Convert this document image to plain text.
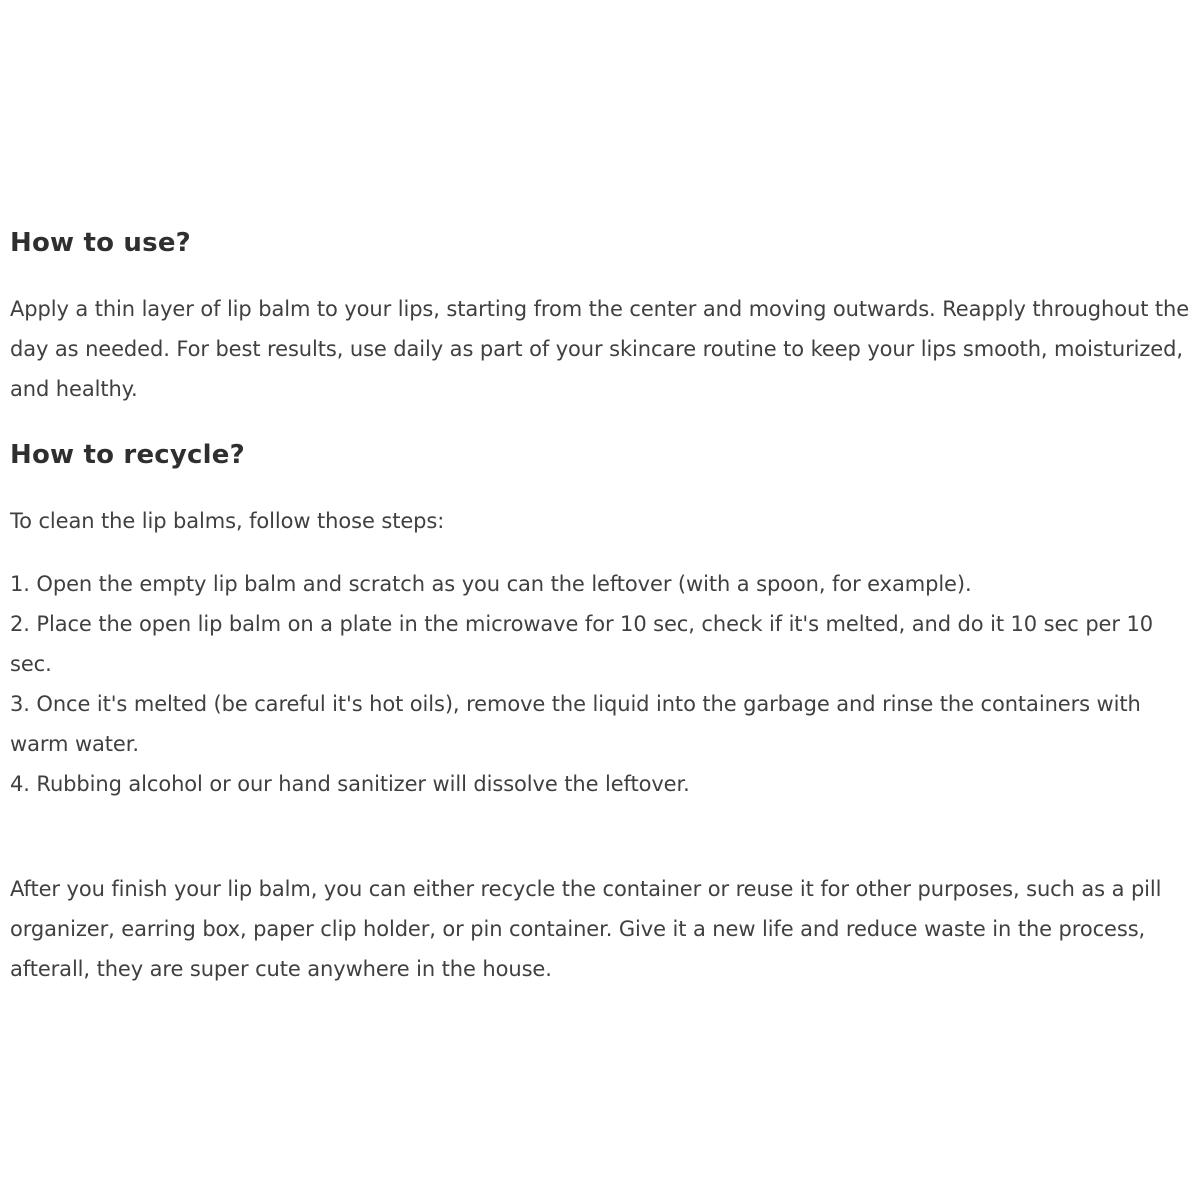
How to use?

Apply a thin layer of lip balm to your lips, starting from the center and moving outwards. Reapply throughout the day as needed. For best results, use daily as part of your skincare routine to keep your lips smooth, moisturized, and healthy.

How to recycle?

To clean the lip balms, follow those steps:

1. Open the empty lip balm and scratch as you can the leftover (with a spoon, for example).
2. Place the open lip balm on a plate in the microwave for 10 sec, check if it's melted, and do it 10 sec per 10 sec.
3. Once it's melted (be careful it's hot oils), remove the liquid into the garbage and rinse the containers with warm water.
4. Rubbing alcohol or our hand sanitizer will dissolve the leftover.

After you finish your lip balm, you can either recycle the container or reuse it for other purposes, such as a pill organizer, earring box, paper clip holder, or pin container. Give it a new life and reduce waste in the process, afterall, they are super cute anywhere in the house.
